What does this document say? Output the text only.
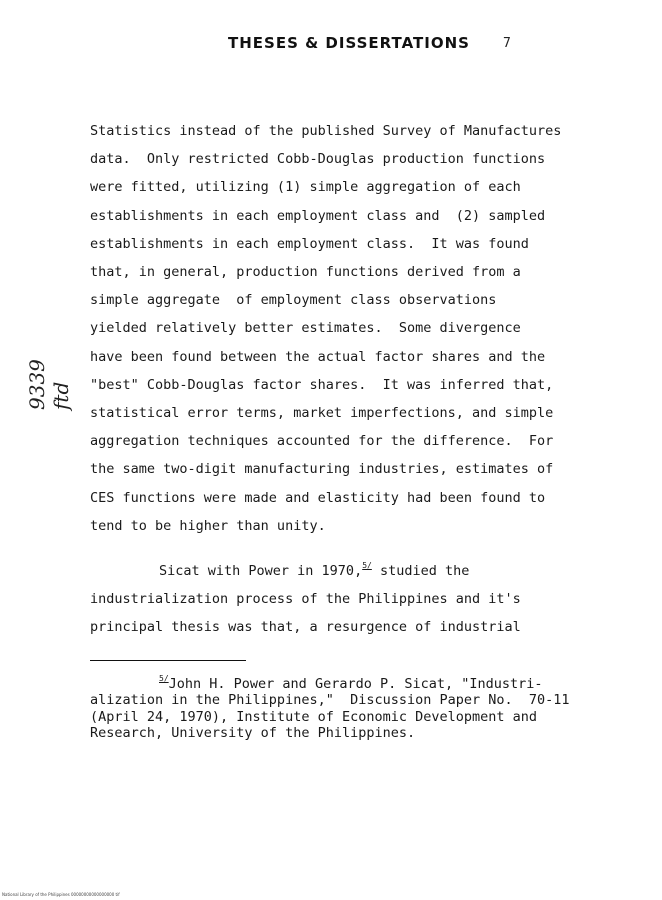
THESES & DISSERTATIONS	7

9339 ftd

Statistics instead of the published Survey of Manufactures
data.  Only restricted Cobb-Douglas production functions
were fitted, utilizing (1) simple aggregation of each
establishments in each employment class and  (2) sampled
establishments in each employment class.  It was found
that, in general, production functions derived from a
simple aggregate  of employment class observations
yielded relatively better estimates.  Some divergence
have been found between the actual factor shares and the
"best" Cobb-Douglas factor shares.  It was inferred that,
statistical error terms, market imperfections, and simple
aggregation techniques accounted for the difference.  For
the same two-digit manufacturing industries, estimates of
CES functions were made and elasticity had been found to
tend to be higher than unity.
Sicat with Power in 1970,$^{5/}$ studied the
industrialization process of the Philippines and it's
principal thesis was that, a resurgence of industrial
$^{5/}$John H. Power and Gerardo P. Sicat, "Industri-
alization in the Philippines,"  Discussion Paper No.  70-11
(April 24, 1970), Institute of Economic Development and
Research, University of the Philippines.

National Library of the Philippines 00000000000000000 tif
